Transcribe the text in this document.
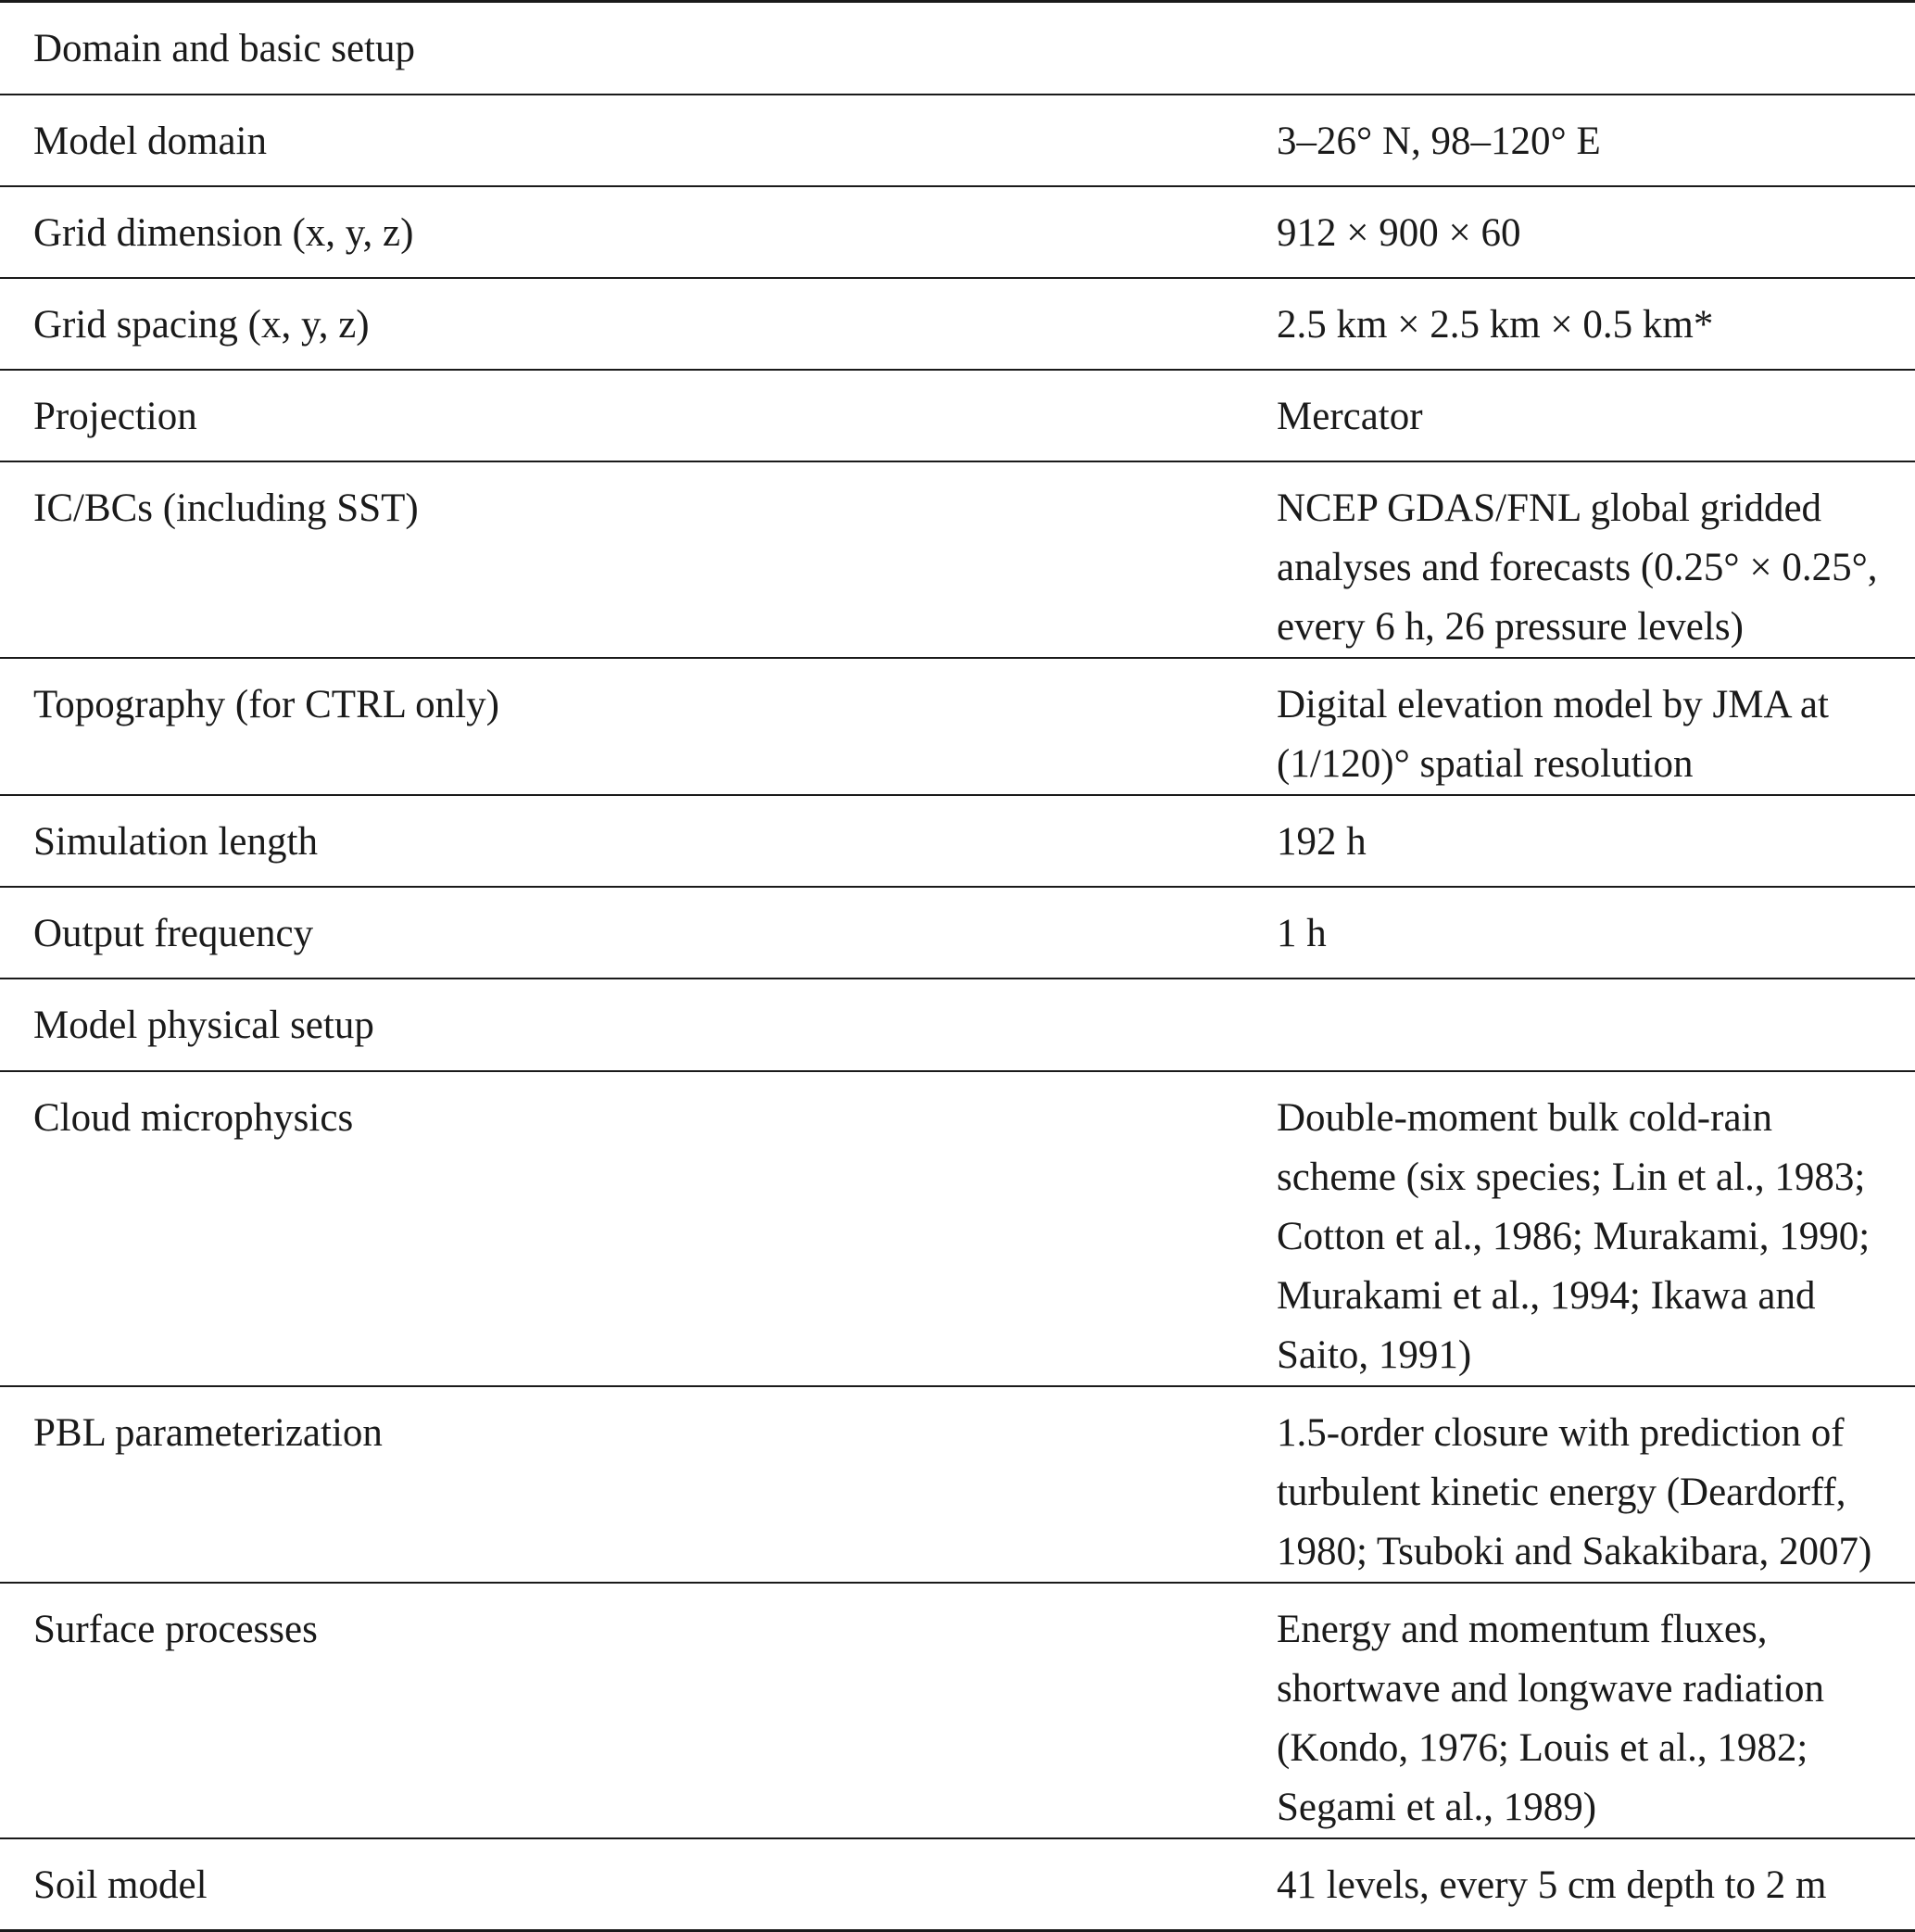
Domain and basic setup	
Model domain	3–26° N, 98–120° E
Grid dimension (x, y, z)	912 × 900 × 60
Grid spacing (x, y, z)	2.5 km × 2.5 km × 0.5 km*
Projection	Mercator
IC/BCs (including SST)	NCEP GDAS/FNL global gridded analyses and forecasts (0.25° × 0.25°, every 6 h, 26 pressure levels)
Topography (for CTRL only)	Digital elevation model by JMA at (1/120)° spatial resolution
Simulation length	192 h
Output frequency	1 h
Model physical setup	
Cloud microphysics	Double-moment bulk cold-rain scheme (six species; Lin et al., 1983; Cotton et al., 1986; Murakami, 1990; Murakami et al., 1994; Ikawa and Saito, 1991)
PBL parameterization	1.5-order closure with prediction of turbulent kinetic energy (Deardorff, 1980; Tsuboki and Sakakibara, 2007)
Surface processes	Energy and momentum fluxes, shortwave and longwave radiation (Kondo, 1976; Louis et al., 1982; Segami et al., 1989)
Soil model	41 levels, every 5 cm depth to 2 m
